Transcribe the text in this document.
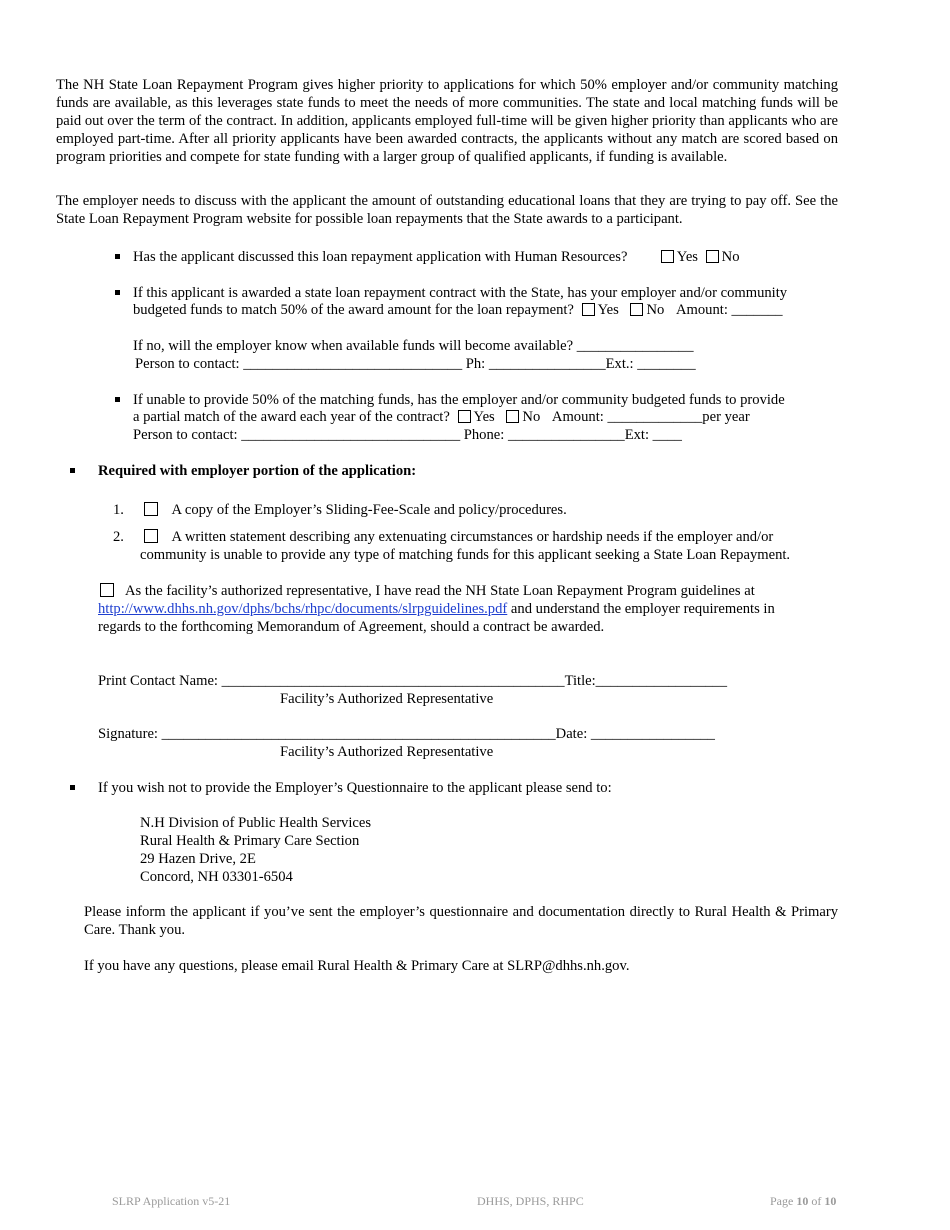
The NH State Loan Repayment Program gives higher priority to applications for which 50% employer and/or community matching funds are available, as this leverages state funds to meet the needs of more communities. The state and local matching funds will be paid out over the term of the contract. In addition, applicants employed full-time will be given higher priority than applicants who are employed part-time. After all priority applicants have been awarded contracts, the applicants without any match are scored based on program priorities and compete for state funding with a larger group of qualified applicants, if funding is available.

The employer needs to discuss with the applicant the amount of outstanding educational loans that they are trying to pay off. See the State Loan Repayment Program website for possible loan repayments that the State awards to a participant.

Has the applicant discussed this loan repayment application with Human Resources?	Yes No
If this applicant is awarded a state loan repayment contract with the State, has your employer and/or community
budgeted funds to match 50% of the award amount for the loan repayment? Yes No Amount: _______
If no, will the employer know when available funds will become available? ________________
Person to contact: ______________________________ Ph: ________________Ext.: ________
If unable to provide 50% of the matching funds, has the employer and/or community budgeted funds to provide
a partial match of the award each year of the contract? Yes No Amount: _____________per year
Person to contact: ______________________________ Phone: ________________Ext: ____
Required with employer portion of the application:
1.	A copy of the Employer’s Sliding-Fee-Scale and policy/procedures.
2.	A written statement describing any extenuating circumstances or hardship needs if the employer and/or
community is unable to provide any type of matching funds for this applicant seeking a State Loan Repayment.
As the facility’s authorized representative, I have read the NH State Loan Repayment Program guidelines at
http://www.dhhs.nh.gov/dphs/bchs/rhpc/documents/slrpguidelines.pdf and understand the employer requirements in
regards to the forthcoming Memorandum of Agreement, should a contract be awarded.
Print Contact Name: _______________________________________________Title:__________________
Facility’s Authorized Representative
Signature: ______________________________________________________Date: _________________
Facility’s Authorized Representative
If you wish not to provide the Employer’s Questionnaire to the applicant please send to:
N.H Division of Public Health Services
Rural Health & Primary Care Section
29 Hazen Drive, 2E
Concord, NH 03301-6504

Please inform the applicant if you’ve sent the employer’s questionnaire and documentation directly to Rural Health & Primary Care. Thank you.

If you have any questions, please email Rural Health & Primary Care at SLRP@dhhs.nh.gov.
SLRP Application v5-21	DHHS, DPHS, RHPC	Page 10 of 10
